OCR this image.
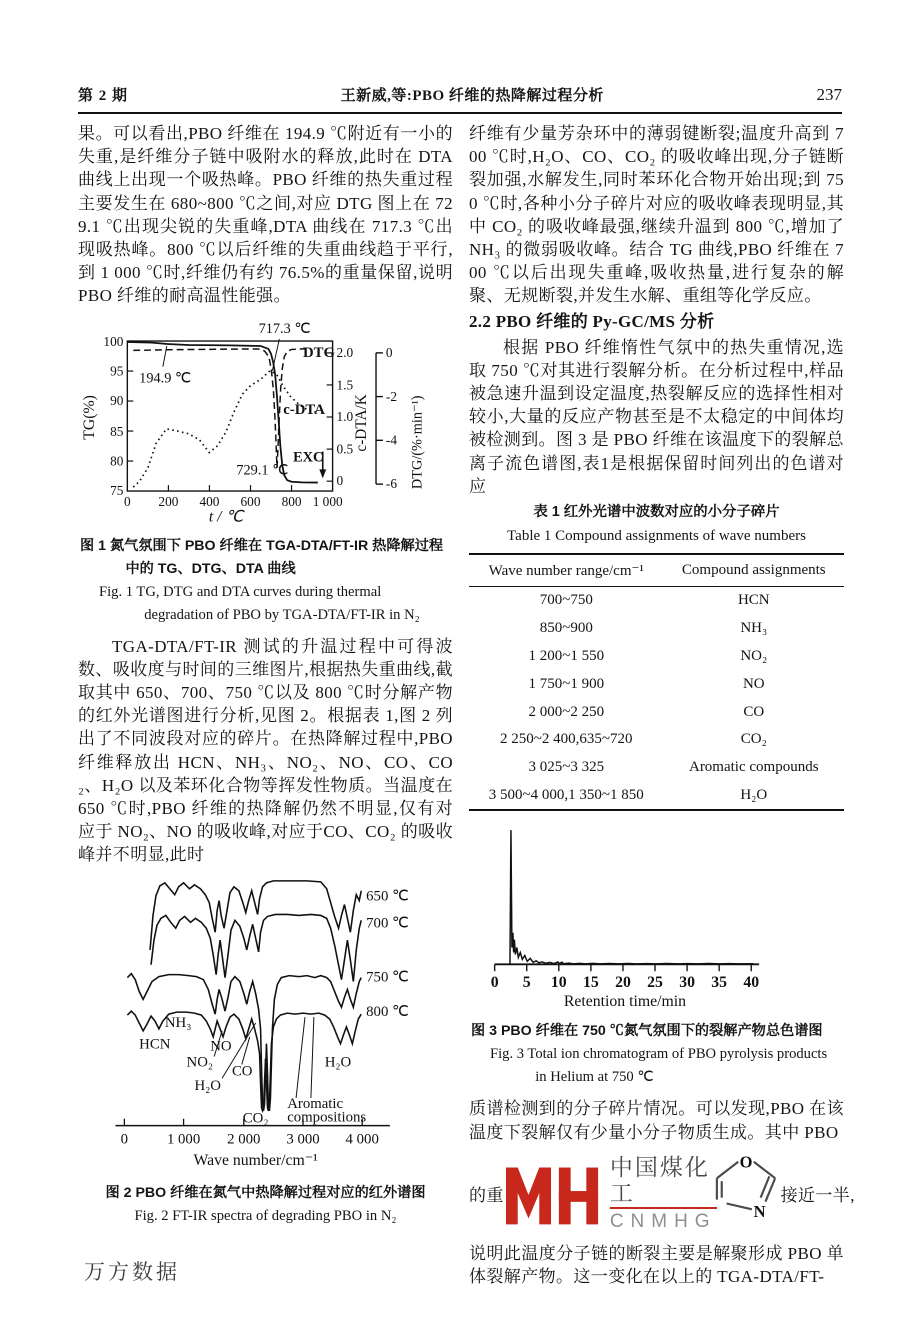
第 2 期	王新威,等:PBO 纤维的热降解过程分析	237

果。可以看出,PBO 纤维在 194.9 ℃附近有一小的失重,是纤维分子链中吸附水的释放,此时在 DTA 曲线上出现一个吸热峰。PBO 纤维的热失重过程主要发生在 680~800 ℃之间,对应 DTG 图上在 729.1 ℃出现尖锐的失重峰,DTA 曲线在 717.3 ℃出现吸热峰。800 ℃以后纤维的失重曲线趋于平行,到 1 000 ℃时,纤维仍有约 76.5%的重量保留,说明 PBO 纤维的耐高温性能强。

100
95
90
85
80
75
0 200 400 600 800 1 000
2.0
1.5
1.0
0.5
0
0
-2
-4
-6
717.3 ℃
194.9 ℃
DTG
c-DTA
729.1 ℃
EXC
TG(%)
t / ℃
c-DTA/K	DTG/(%·min⁻¹)
图 1 氮气氛围下 PBO 纤维在 TGA-DTA/FT-IR 热降解过程中的 TG、DTG、DTA 曲线
Fig. 1 TG, DTG and DTA curves during thermal degradation of PBO by TGA-DTA/FT-IR in N₂

TGA-DTA/FT-IR 测试的升温过程中可得波数、吸收度与时间的三维图片,根据热失重曲线,截取其中 650、700、750 ℃以及 800 ℃时分解产物的红外光谱图进行分析,见图 2。根据表 1,图 2 列出了不同波段对应的碎片。在热降解过程中,PBO 纤维释放出 HCN、NH₃、NO₂、NO、CO、CO₂、H₂O 以及苯环化合物等挥发性物质。当温度在 650 ℃时,PBO 纤维的热降解仍然不明显,仅有对应于 NO₂、NO 的吸收峰,对应于CO、CO₂ 的吸收峰并不明显,此时

NH₃
HCN	NO
NO₂
CO
H₂O
CO₂
Aromatic
compositions
H₂O
650 ℃
700 ℃
750 ℃
800 ℃
0	1 000 2 000 3 000 4 000
Wave number/cm⁻¹
图 2 PBO 纤维在氮气中热降解过程对应的红外谱图
Fig. 2 FT-IR spectra of degrading PBO in N₂

纤维有少量芳杂环中的薄弱键断裂;温度升高到 700 ℃时,H₂O、CO、CO₂ 的吸收峰出现,分子链断裂加强,水解发生,同时苯环化合物开始出现;到 750 ℃时,各种小分子碎片对应的吸收峰表现明显,其中 CO₂ 的吸收峰最强,继续升温到 800 ℃,增加了 NH₃ 的微弱吸收峰。结合 TG 曲线,PBO 纤维在 700 ℃以后出现失重峰,吸收热量,进行复杂的解聚、无规断裂,并发生水解、重组等化学反应。

2.2 PBO 纤维的 Py-GC/MS 分析

根据 PBO 纤维惰性气氛中的热失重情况,选取 750 ℃对其进行裂解分析。在分析过程中,样品被急速升温到设定温度,热裂解反应的选择性相对较小,大量的反应产物甚至是不太稳定的中间体均被检测到。图 3 是 PBO 纤维在该温度下的裂解总离子流色谱图,表1是根据保留时间列出的色谱对应

表 1 红外光谱中波数对应的小分子碎片
Table 1 Compound assignments of wave numbers
Wave number range/cm⁻¹	Compound assignments
700~750	HCN
850~900	NH₃
1 200~1 550	NO₂
1 750~1 900	NO
2 000~2 250	CO
2 250~2 400,635~720	CO₂
3 025~3 325	Aromatic compounds
3 500~4 000,1 350~1 850	H₂O
0 5 10 15 20 25 30 35 40
Retention time/min
图 3 PBO 纤维在 750 ℃氮气氛围下的裂解产物总色谱图
Fig. 3 Total ion chromatogram of PBO pyrolysis products in Helium at 750 ℃

质谱检测到的分子碎片情况。可以发现,PBO 在该温度下裂解仅有少量小分子物质生成。其中 PBO

的重
中国煤化工
CNMHG
O
N
接近一半,

说明此温度分子链的断裂主要是解聚形成 PBO 单体裂解产物。这一变化在以上的 TGA-DTA/FT-

万方数据
